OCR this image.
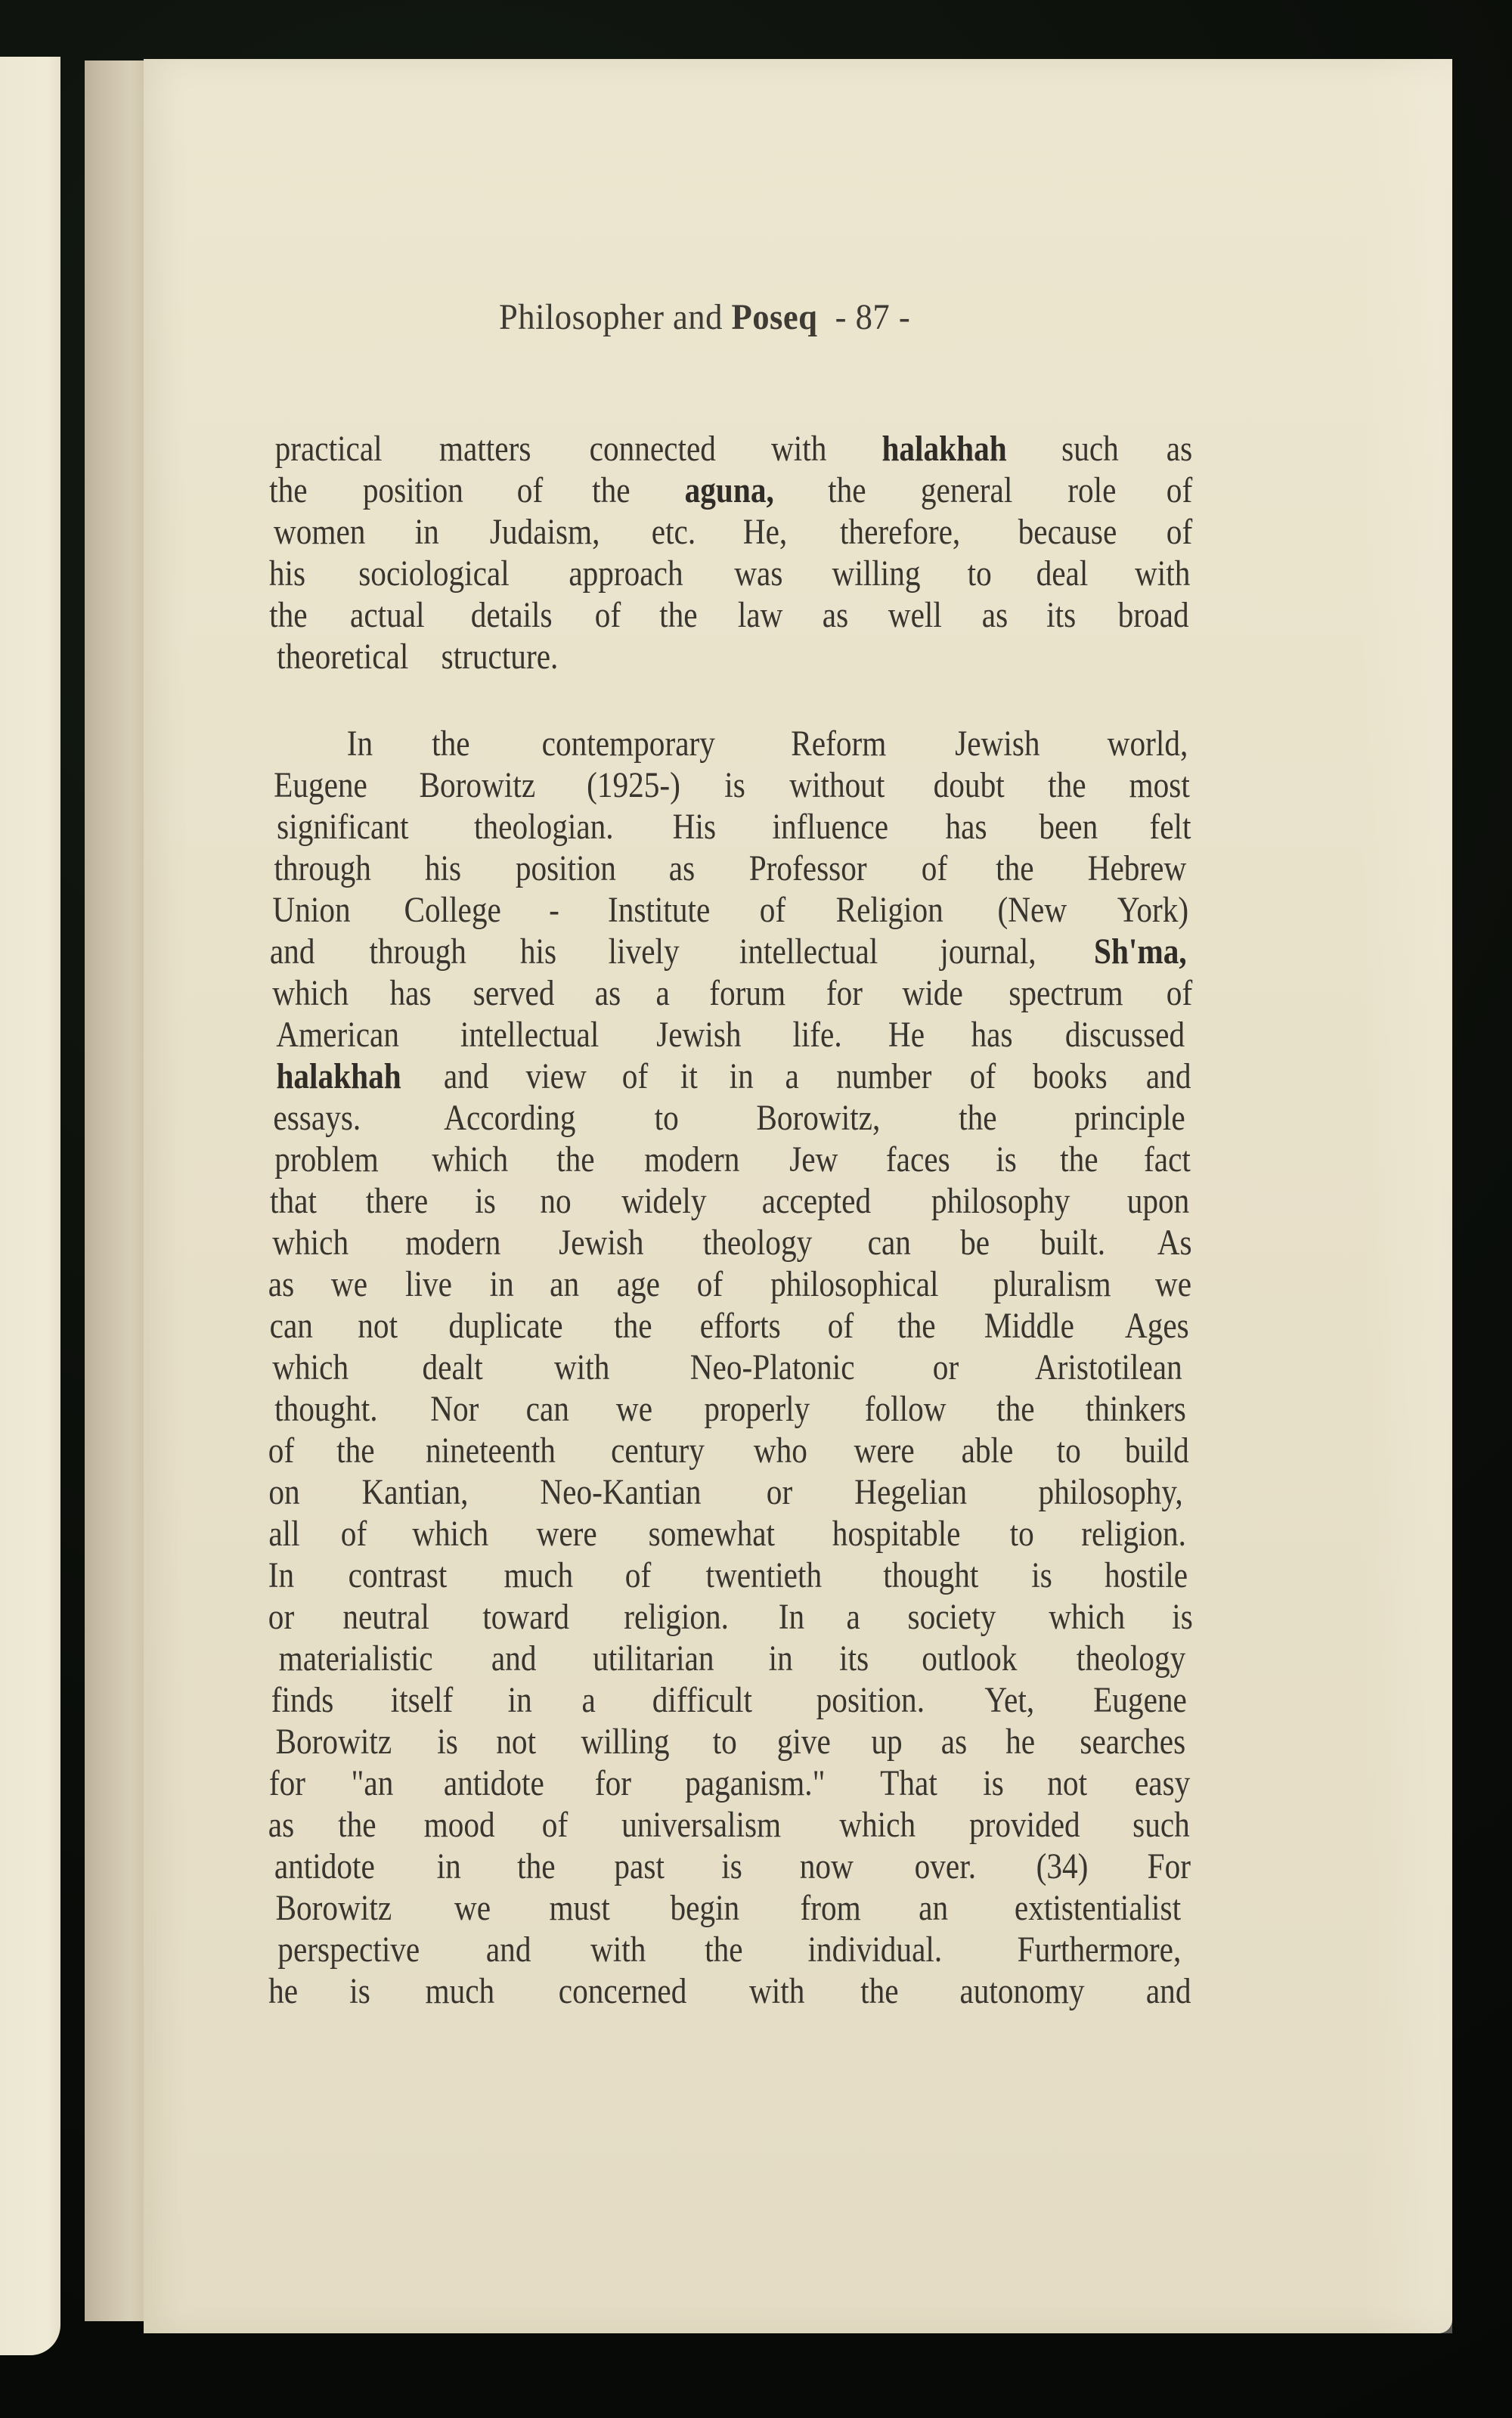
Philosopher and Poseq - 87 -
practical matters connected with halakhah such as
the position of the aguna, the general role of
women in Judaism, etc. He, therefore, because of
his sociological approach was willing to deal with
the actual details of the law as well as its broad
theoretical structure.
In the contemporary Reform Jewish world,
Eugene Borowitz (1925-) is without doubt the most
significant theologian. His influence has been felt
through his position as Professor of the Hebrew
Union College - Institute of Religion (New York)
and through his lively intellectual journal, Sh'ma,
which has served as a forum for wide spectrum of
American intellectual Jewish life. He has discussed
halakhah and view of it in a number of books and
essays. According to Borowitz, the principle
problem which the modern Jew faces is the fact
that there is no widely accepted philosophy upon
which modern Jewish theology can be built. As
as we live in an age of philosophical pluralism we
can not duplicate the efforts of the Middle Ages
which dealt with Neo-Platonic or Aristotilean
thought. Nor can we properly follow the thinkers
of the nineteenth century who were able to build
on Kantian, Neo-Kantian or Hegelian philosophy,
all of which were somewhat hospitable to religion.
In contrast much of twentieth thought is hostile
or neutral toward religion. In a society which is
materialistic and utilitarian in its outlook theology
finds itself in a difficult position. Yet, Eugene
Borowitz is not willing to give up as he searches
for "an antidote for paganism." That is not easy
as the mood of universalism which provided such
antidote in the past is now over. (34) For
Borowitz we must begin from an extistentialist
perspective and with the individual. Furthermore,
he is much concerned with the autonomy and
